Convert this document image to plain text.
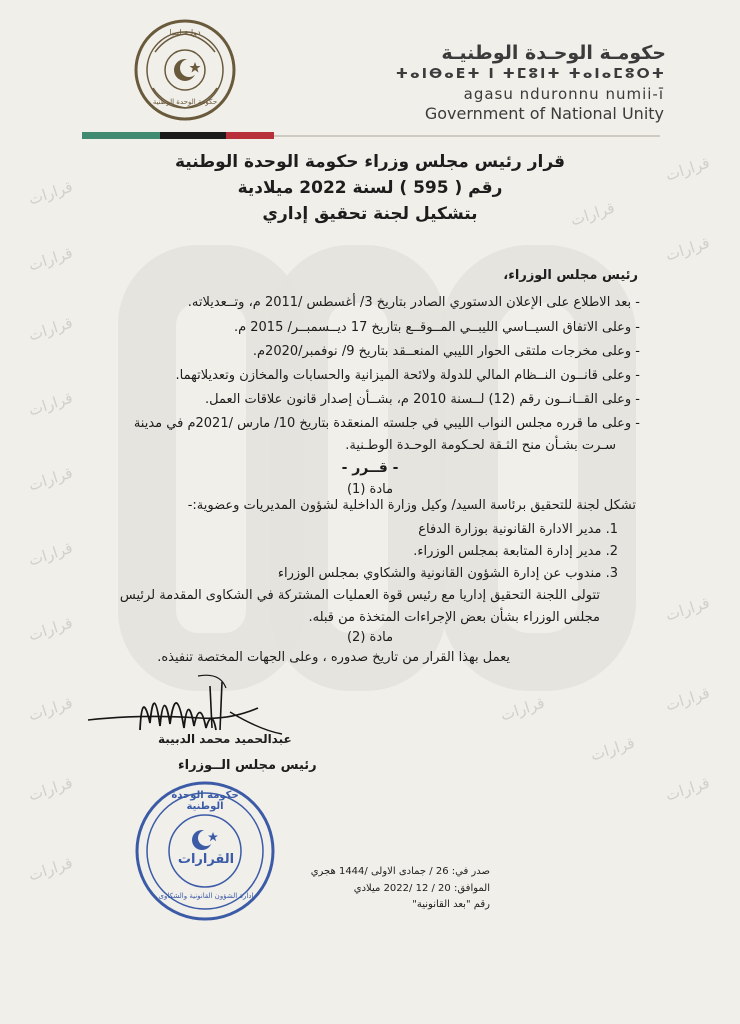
قرارات
قرارات
قرارات
قرارات
قرارات
قرارات
قرارات
قرارات
قرارات
قرارات
قرارات
قرارات
قرارات
قرارات
قرارات
قرارات
قرارات
قرارات
دولـة ليبيا
حكومة الوحدة الوطنية
حكومـة الوحـدة الوطنيـة
ⵜⴰⵏⴱⴰⴹⵜ ⵏ ⵜⵎⵓⵏⵜ ⵜⴰⵏⴰⵎⵓⵔⵜ
agasu nduronnu numii-ī
Government of National Unity
قرار رئيس مجلس وزراء حكومة الوحدة الوطنية
رقم ( 595 ) لسنة 2022 ميلادية
بتشكيل لجنة تحقيق إداري
رئيس مجلس الوزراء،
- بعد الاطلاع على الإعلان الدستوري الصادر بتاريخ 3/ أغسطس /2011 م، وتــعديلاته.
- وعلى الاتفاق السيــاسي الليبــي المــوقــع بتاريخ 17 ديــسمبــر/ 2015 م.
- وعلى مخرجات ملتقى الحوار الليبي المنعــقد بتاريخ 9/ نوفمبر/2020م.
- وعلى قانــون النــظام المالي للدولة ولائحة الميزانية والحسابات والمخازن وتعديلاتهما.
- وعلى القــانــون رقم (12) لــسنة 2010 م، بشــأن إصدار قانون علاقات العمل.
- وعلى ما قرره مجلس النواب الليبي في جلسته المنعقدة بتاريخ 10/ مارس /2021م في مدينة
سـرت بشـأن منح الثـقة لحـكومة الوحـدة الوطـنية.
- قــرر -
مادة (1)
تشكل لجنة للتحقيق برئاسة السيد/ وكيل وزارة الداخلية لشؤون المديريات وعضوية:-
1. مدير الادارة القانونية بوزارة الدفاع
2. مدير إدارة المتابعة بمجلس الوزراء.
3. مندوب عن إدارة الشؤون القانونية والشكاوي بمجلس الوزراء
تتولى اللجنة التحقيق إداريا مع رئيس قوة العمليات المشتركة في الشكاوى المقدمة لرئيس
مجلس الوزراء بشأن بعض الإجراءات المتخذة من قبله.
مادة (2)
يعمل بهذا القرار من تاريخ صدوره ، وعلى الجهات المختصة تنفيذه.
عبدالحميد محمد الدبيبة
رئيس مجلس الــوزراء
حكومة الوحدة الوطنية
القرارات
ادارة الشؤون القانونية والشكاوى
صدر في: 26 / جمادى الاولى /1444 هجري
الموافق: 20 / 12 /2022 ميلادي
رقم "بعد القانونية"
